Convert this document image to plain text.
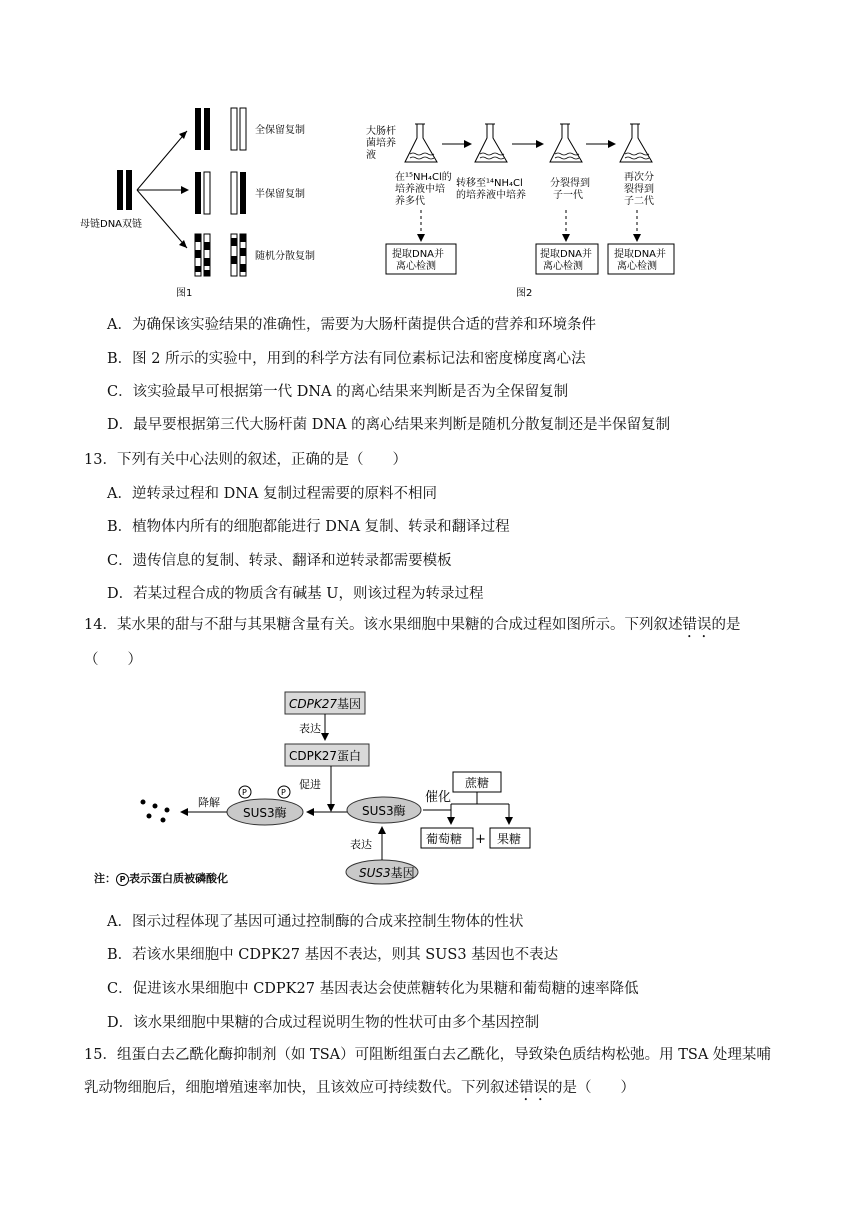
母链DNA双链
全保留复制
半保留复制
随机分散复制
图1
大肠杆菌培养液
在¹⁵NH₄Cl的 培养液中培 养多代
转移至¹⁴NH₄Cl 的培养液中培养
分裂得到 子一代
再次分 裂得到 子二代
提取DNA并离心检测
提取DNA并离心检测
提取DNA并离心检测
图2
A．为确保该实验结果的准确性，需要为大肠杆菌提供合适的营养和环境条件
B．图 2 所示的实验中，用到的科学方法有同位素标记法和密度梯度离心法
C．该实验最早可根据第一代 DNA 的离心结果来判断是否为全保留复制
D．最早要根据第三代大肠杆菌 DNA 的离心结果来判断是随机分散复制还是半保留复制
13．下列有关中心法则的叙述，正确的是（　　）
A．逆转录过程和 DNA 复制过程需要的原料不相同
B．植物体内所有的细胞都能进行 DNA 复制、转录和翻译过程
C．遗传信息的复制、转录、翻译和逆转录都需要模板
D．若某过程合成的物质含有碱基 U，则该过程为转录过程
14．某水果的甜与不甜与其果糖含量有关。该水果细胞中果糖的合成过程如图所示。下列叙述错误的是
（　　）
CDPK27基因
表达
CDPK27蛋白
促进
SUS3酶
P	P
降解
SUS3酶
催化
蔗糖
葡萄糖 + 果糖
SUS3基因
表达
注： P 表示蛋白质被磷酸化
A．图示过程体现了基因可通过控制酶的合成来控制生物体的性状
B．若该水果细胞中 CDPK27 基因不表达，则其 SUS3 基因也不表达
C．促进该水果细胞中 CDPK27 基因表达会使蔗糖转化为果糖和葡萄糖的速率降低
D．该水果细胞中果糖的合成过程说明生物的性状可由多个基因控制
15．组蛋白去乙酰化酶抑制剂（如 TSA）可阻断组蛋白去乙酰化，导致染色质结构松弛。用 TSA 处理某哺
乳动物细胞后，细胞增殖速率加快，且该效应可持续数代。下列叙述错误的是（　　）
